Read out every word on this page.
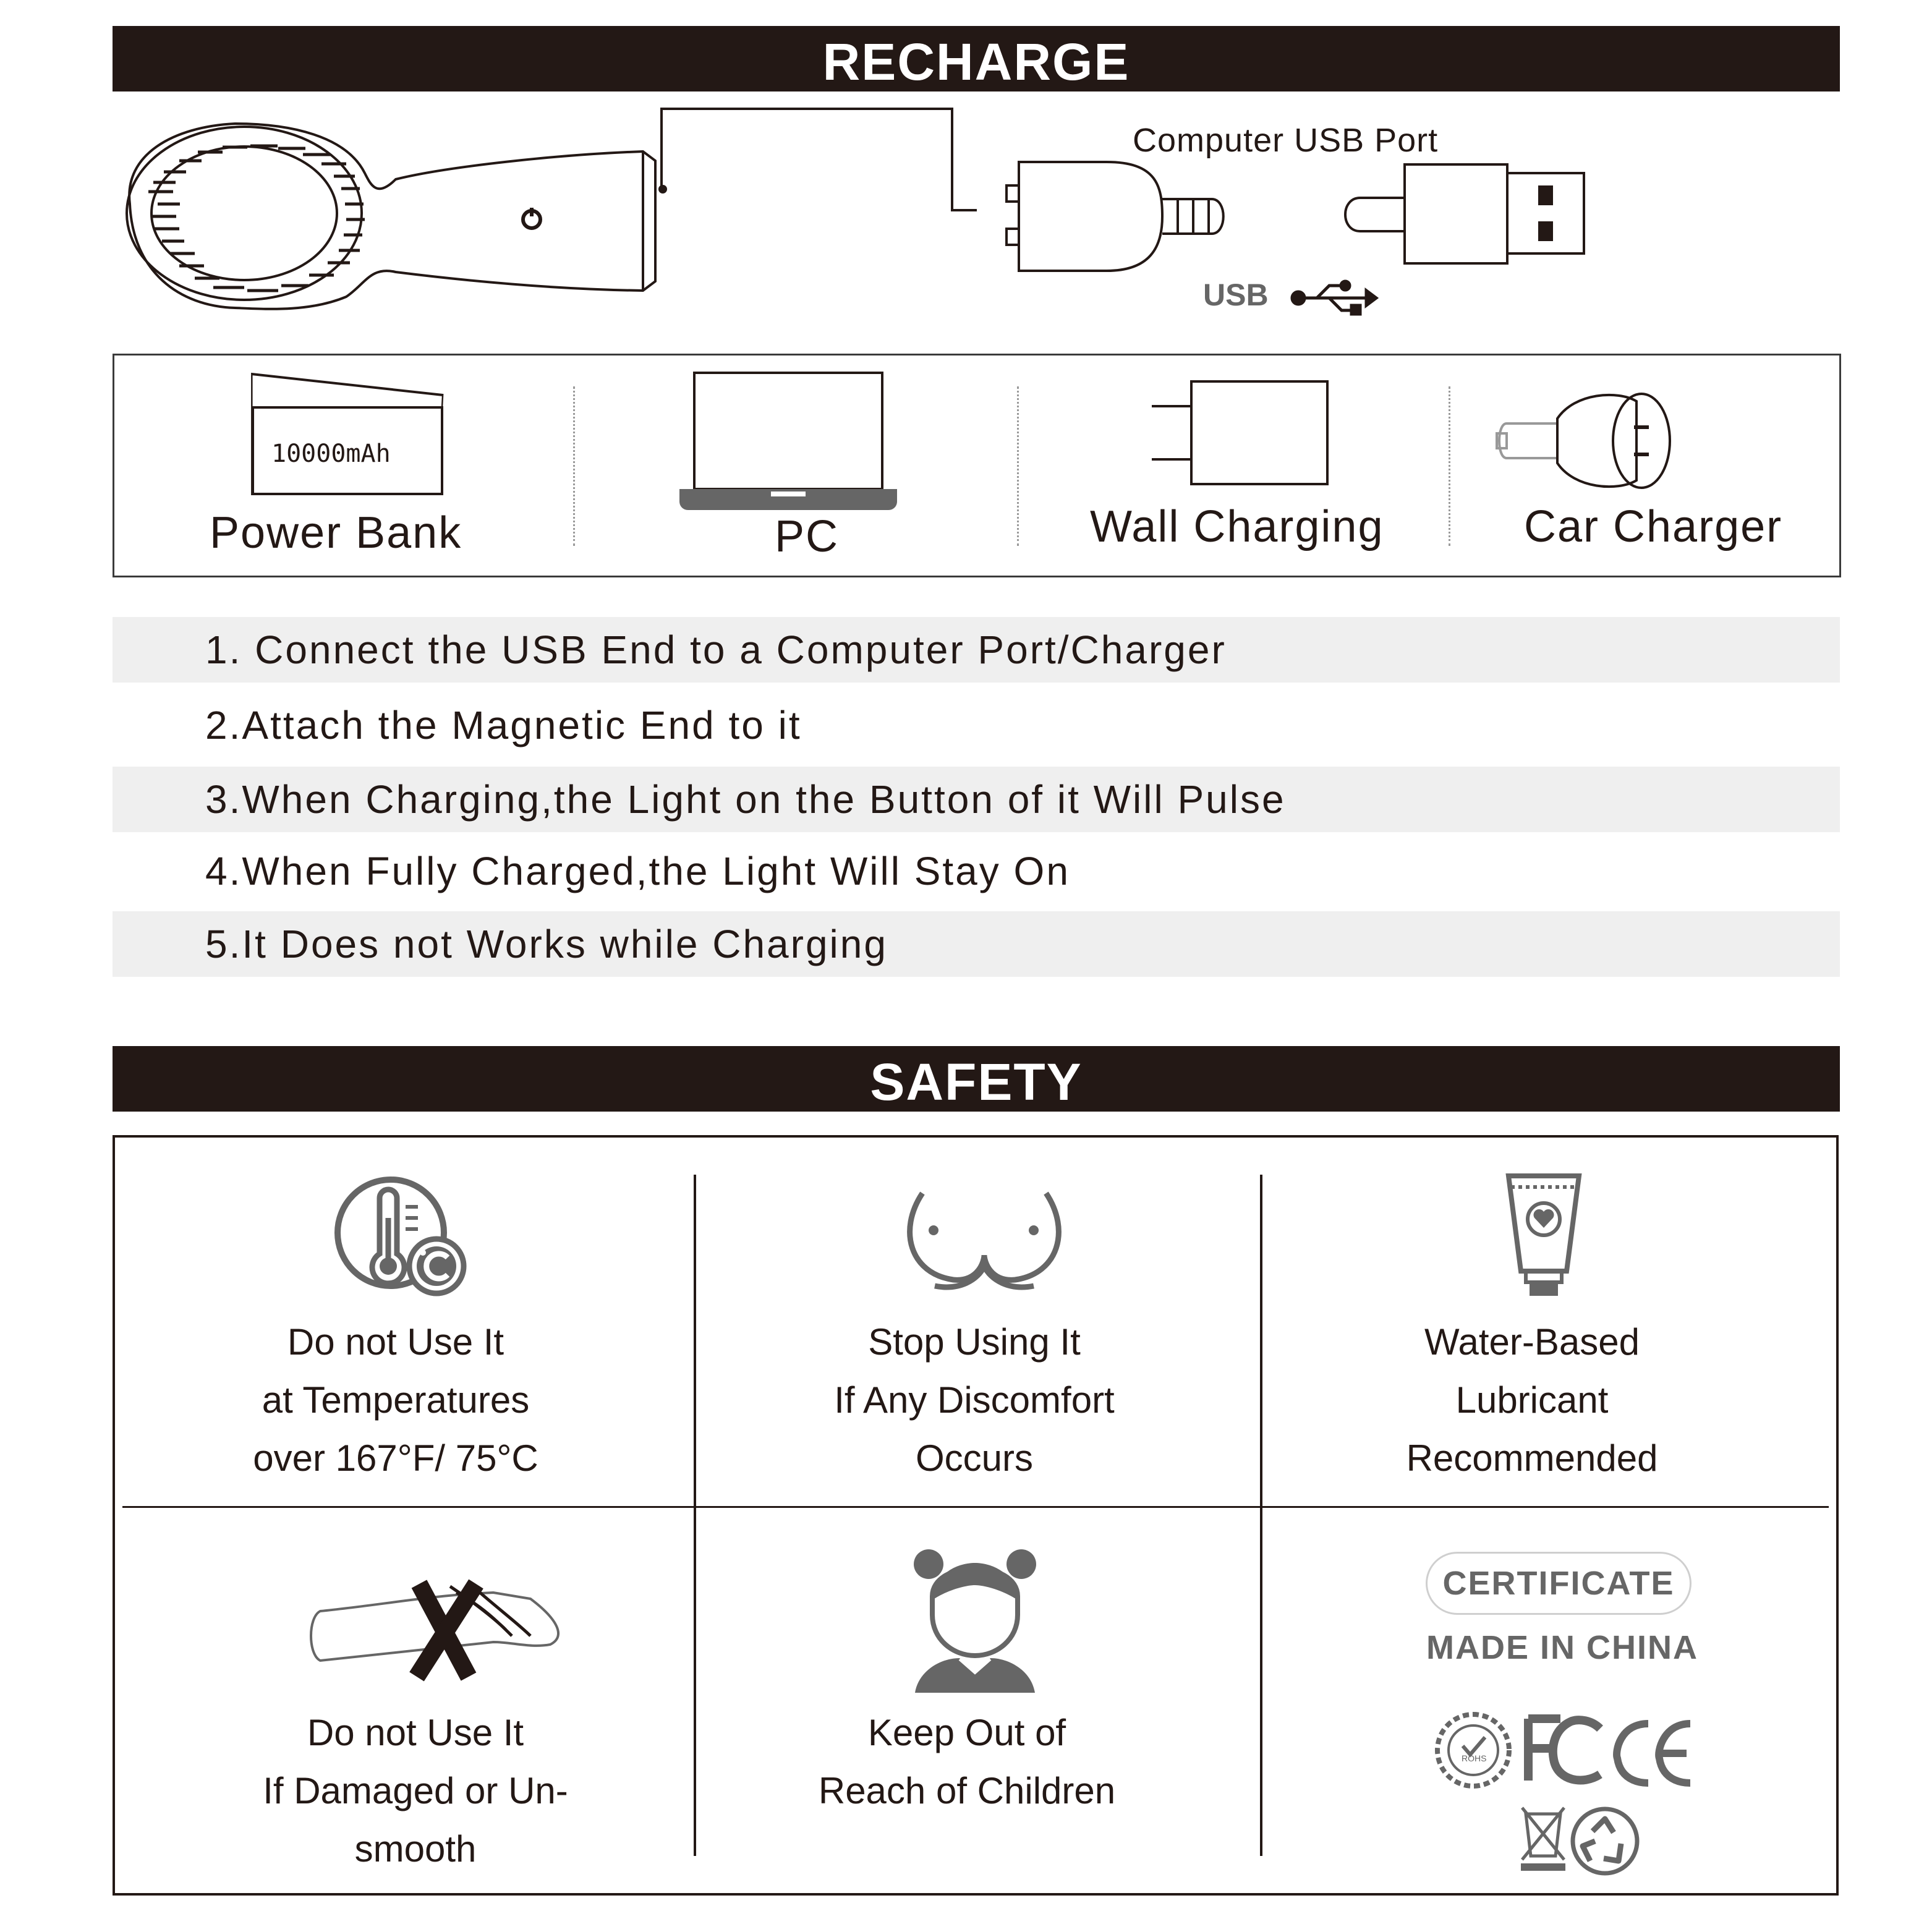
RECHARGE
Computer USB Port
USB
10000mAh
Power Bank	PC	Wall Charging	Car Charger
1. Connect the USB End to a Computer Port/Charger
2.Attach the Magnetic End to it
3.When Charging,the Light on the Button of it Will Pulse
4.When Fully Charged,the Light Will Stay On
5.It Does not Works while Charging
SAFETY
Do not Use It
at Temperatures
over 167°F/ 75°C
Stop Using It
If Any Discomfort
Occurs
Water-Based
Lubricant
Recommended
Do not Use It
If Damaged or Un-
smooth
Keep Out of
Reach of Children
CERTIFICATE
MADE IN CHINA
ROHS
